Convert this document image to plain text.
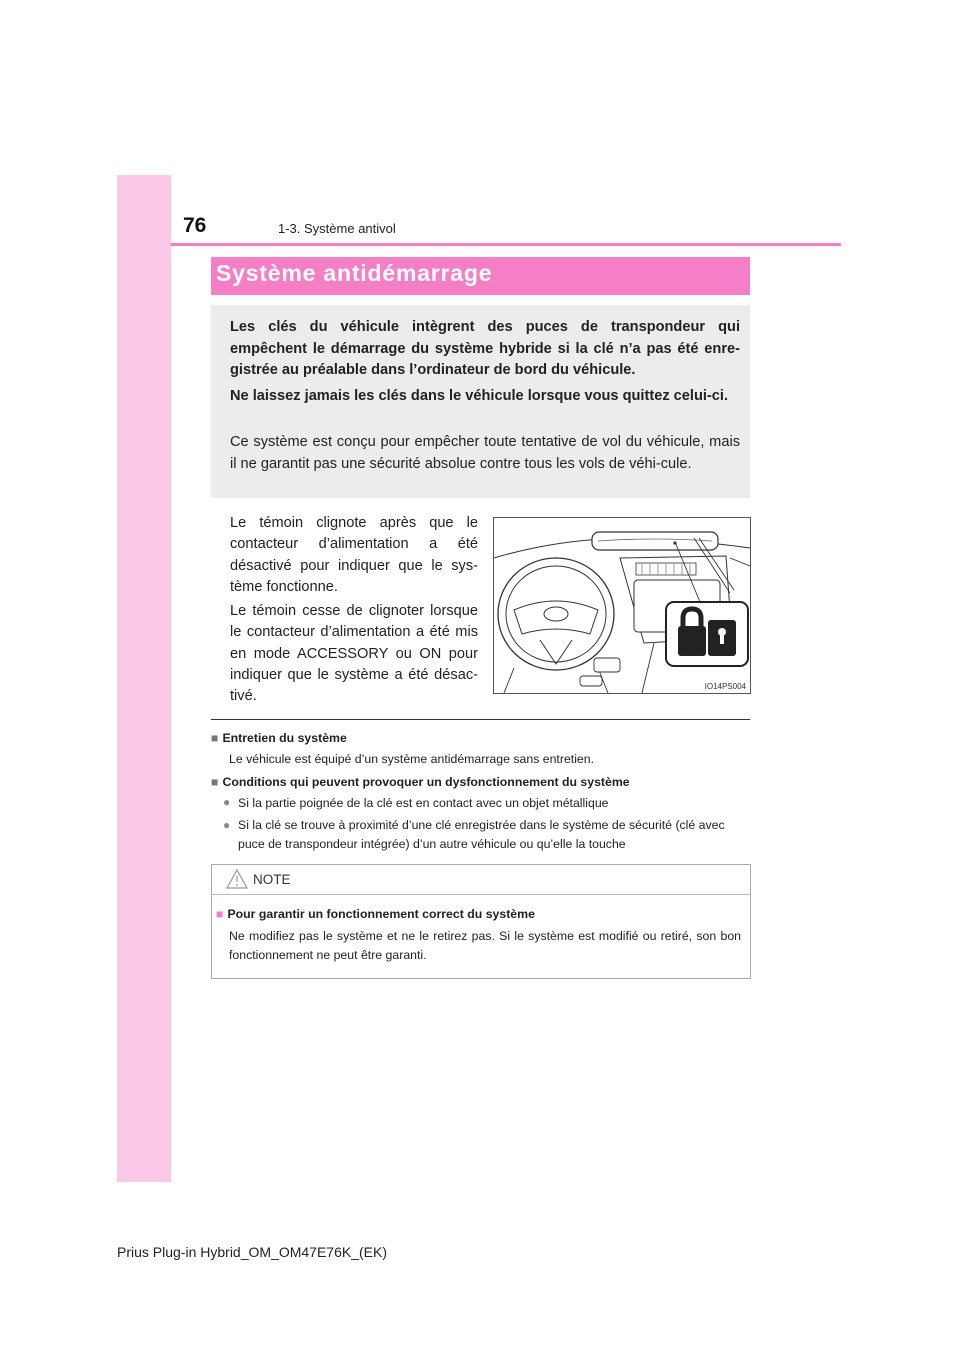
76	1-3. Système antivol
Système antidémarrage

Les clés du véhicule intègrent des puces de transpondeur qui empêchent le démarrage du système hybride si la clé n’a pas été enre-gistrée au préalable dans l’ordinateur de bord du véhicule.

Ne laissez jamais les clés dans le véhicule lorsque vous quittez celui-ci.

Ce système est conçu pour empêcher toute tentative de vol du véhicule, mais il ne garantit pas une sécurité absolue contre tous les vols de véhi-cule.

Le témoin clignote après que le contacteur d’alimentation a été désactivé pour indiquer que le sys-tème fonctionne.

Le témoin cesse de clignoter lorsque le contacteur d’alimentation a été mis en mode ACCESSORY ou ON pour indiquer que le système a été désac-tivé.

IO14PS004

■ Entretien du système

Le véhicule est équipé d’un système antidémarrage sans entretien.

■ Conditions qui peuvent provoquer un dysfonctionnement du système

● Si la partie poignée de la clé est en contact avec un objet métallique

● Si la clé se trouve à proximité d’une clé enregistrée dans le système de sécurité (clé avec puce de transpondeur intégrée) d’un autre véhicule ou qu’elle la touche

NOTE

■ Pour garantir un fonctionnement correct du système

Ne modifiez pas le système et ne le retirez pas. Si le système est modifié ou retiré, son bon fonctionnement ne peut être garanti.

Prius Plug-in Hybrid_OM_OM47E76K_(EK)
